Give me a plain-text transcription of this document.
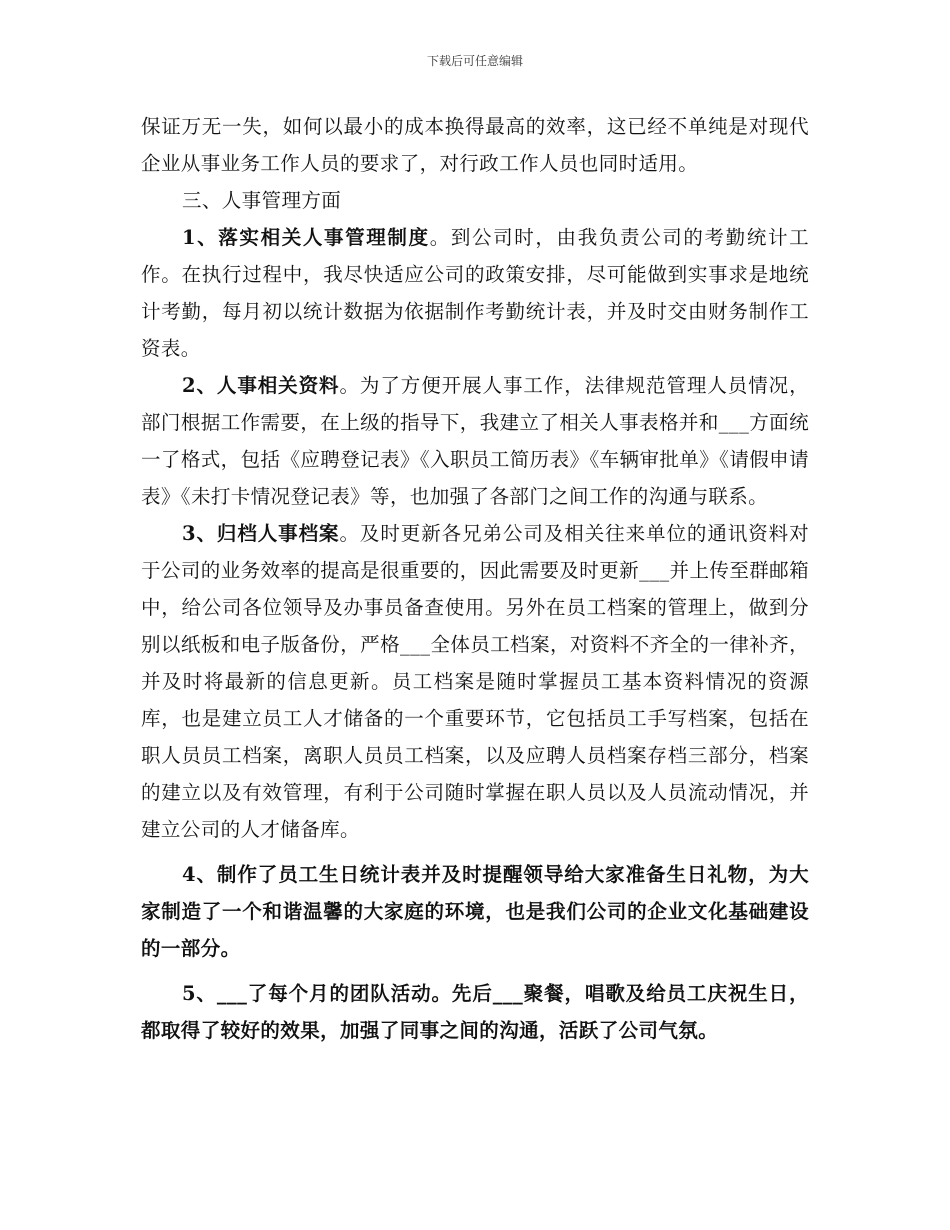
下载后可任意编辑

保证万无一失，如何以最小的成本换得最高的效率，这已经不单纯是对现代企业从事业务工作人员的要求了，对行政工作人员也同时适用。

三、人事管理方面

1、落实相关人事管理制度。到公司时，由我负责公司的考勤统计工作。在执行过程中，我尽快适应公司的政策安排，尽可能做到实事求是地统计考勤，每月初以统计数据为依据制作考勤统计表，并及时交由财务制作工资表。

2、人事相关资料。为了方便开展人事工作，法律规范管理人员情况，部门根据工作需要，在上级的指导下，我建立了相关人事表格并和___方面统一了格式，包括《应聘登记表》《入职员工简历表》《车辆审批单》《请假申请表》《未打卡情况登记表》等，也加强了各部门之间工作的沟通与联系。

3、归档人事档案。及时更新各兄弟公司及相关往来单位的通讯资料对于公司的业务效率的提高是很重要的，因此需要及时更新___并上传至群邮箱中，给公司各位领导及办事员备查使用。另外在员工档案的管理上，做到分别以纸板和电子版备份，严格___全体员工档案，对资料不齐全的一律补齐，并及时将最新的信息更新。员工档案是随时掌握员工基本资料情况的资源库，也是建立员工人才储备的一个重要环节，它包括员工手写档案，包括在职人员员工档案，离职人员员工档案，以及应聘人员档案存档三部分，档案的建立以及有效管理，有利于公司随时掌握在职人员以及人员流动情况，并建立公司的人才储备库。

4、制作了员工生日统计表并及时提醒领导给大家准备生日礼物，为大家制造了一个和谐温馨的大家庭的环境，也是我们公司的企业文化基础建设的一部分。

5、___了每个月的团队活动。先后___聚餐，唱歌及给员工庆祝生日，都取得了较好的效果，加强了同事之间的沟通，活跃了公司气氛。
